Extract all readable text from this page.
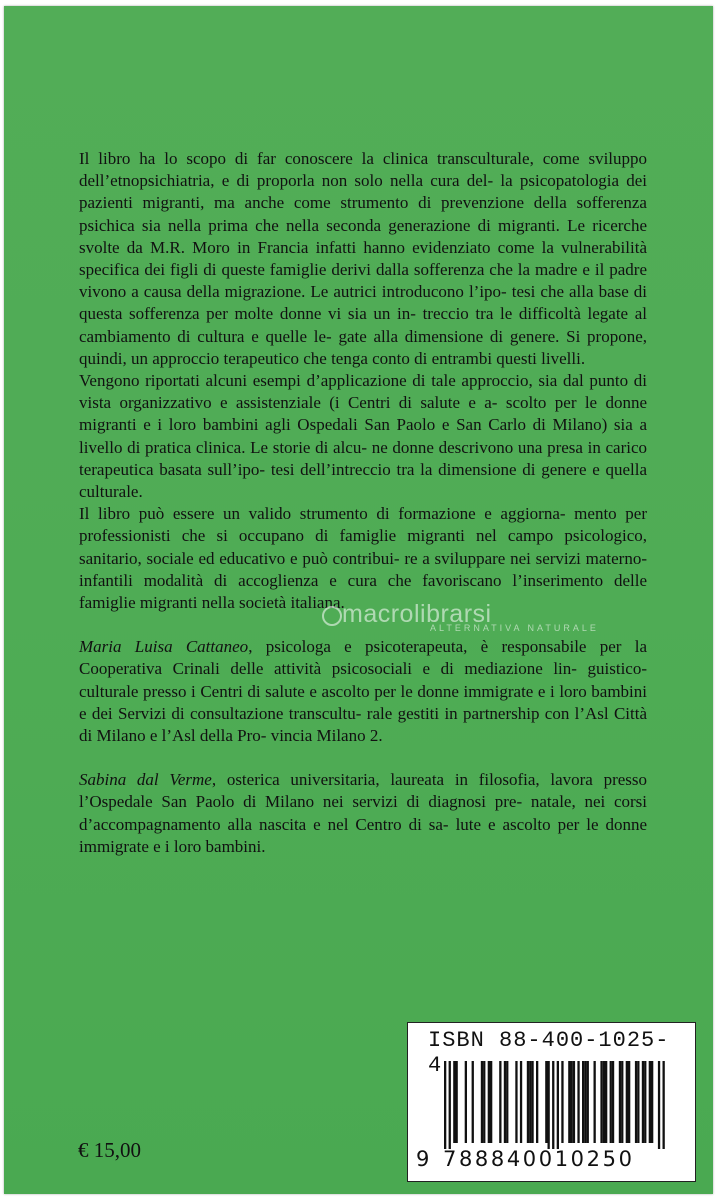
Il libro ha lo scopo di far conoscere la clinica transculturale, come sviluppo dell’etnopsichiatria, e di proporla non solo nella cura del- la psicopatologia dei pazienti migranti, ma anche come strumento di prevenzione della sofferenza psichica sia nella prima che nella seconda generazione di migranti. Le ricerche svolte da M.R. Moro in Francia infatti hanno evidenziato come la vulnerabilità specifica dei figli di queste famiglie derivi dalla sofferenza che la madre e il padre vivono a causa della migrazione. Le autrici introducono l’ipo- tesi che alla base di questa sofferenza per molte donne vi sia un in- treccio tra le difficoltà legate al cambiamento di cultura e quelle le- gate alla dimensione di genere. Si propone, quindi, un approccio terapeutico che tenga conto di entrambi questi livelli.

Vengono riportati alcuni esempi d’applicazione di tale approccio, sia dal punto di vista organizzativo e assistenziale (i Centri di salute e a- scolto per le donne migranti e i loro bambini agli Ospedali San Paolo e San Carlo di Milano) sia a livello di pratica clinica. Le storie di alcu- ne donne descrivono una presa in carico terapeutica basata sull’ipo- tesi dell’intreccio tra la dimensione di genere e quella culturale.

Il libro può essere un valido strumento di formazione e aggiorna- mento per professionisti che si occupano di famiglie migranti nel campo psicologico, sanitario, sociale ed educativo e può contribui- re a sviluppare nei servizi materno-infantili modalità di accoglienza e cura che favoriscano l’inserimento delle famiglie migranti nella società italiana.

Maria Luisa Cattaneo, psicologa e psicoterapeuta, è responsabile per la Cooperativa Crinali delle attività psicosociali e di mediazione lin- guistico-culturale presso i Centri di salute e ascolto per le donne immigrate e i loro bambini e dei Servizi di consultazione transcultu- rale gestiti in partnership con l’Asl Città di Milano e l’Asl della Pro- vincia Milano 2.

Sabina dal Verme, osterica universitaria, laureata in filosofia, lavora presso l’Ospedale San Paolo di Milano nei servizi di diagnosi pre- natale, nei corsi d’accompagnamento alla nascita e nel Centro di sa- lute e ascolto per le donne immigrate e i loro bambini.

macrolibrarsi
ALTERNATIVA NATURALE
ISBN 88-400-1025-4
9 788840010250
€ 15,00
